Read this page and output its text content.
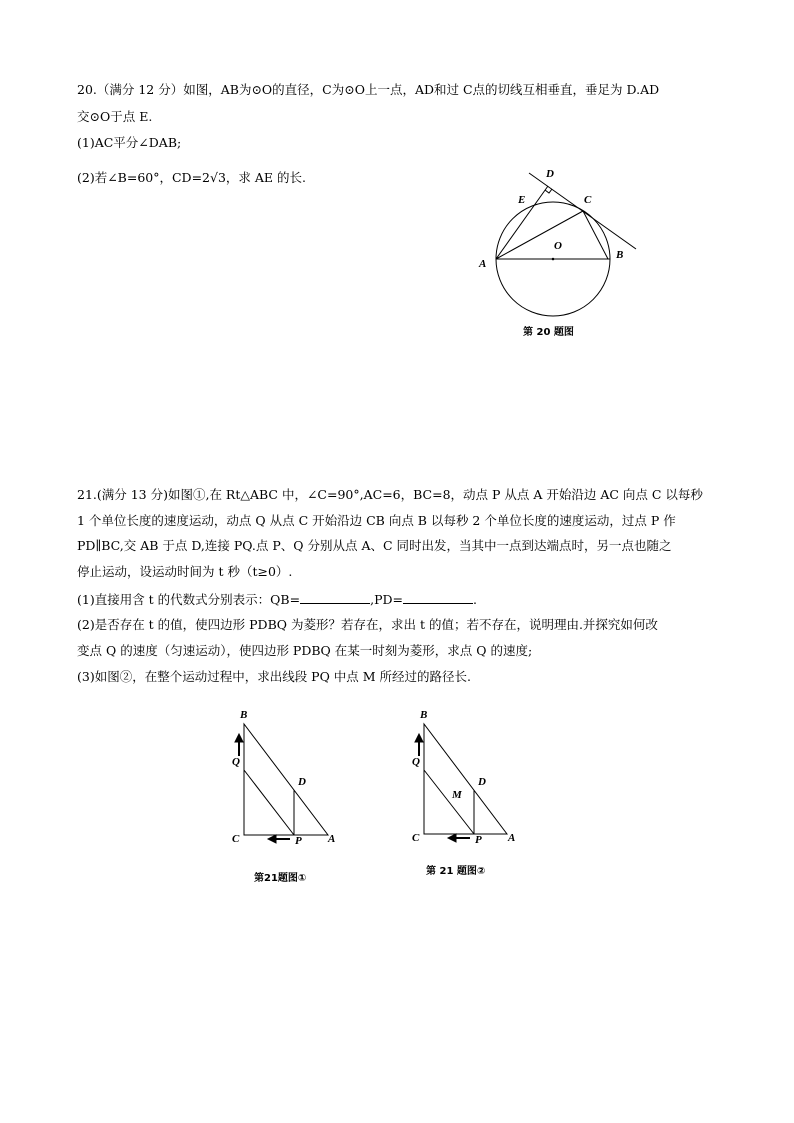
20.（满分 12 分）如图，AB为⊙O的直径，C为⊙O上一点，AD和过 C点的切线互相垂直，垂足为 D.AD
交⊙O于点 E.
(1)AC平分∠DAB;
(2)若∠B=60°，CD=2√3，求 AE 的长.	D
E	C
O
A
B
第 20 题图
21.(满分 13 分)如图①,在 Rt△ABC 中，∠C=90°,AC=6，BC=8，动点 P 从点 A 开始沿边 AC 向点 C 以每秒
1 个单位长度的速度运动，动点 Q 从点 C 开始沿边 CB 向点 B 以每秒 2 个单位长度的速度运动，过点 P 作
PD∥BC,交 AB 于点 D,连接 PQ.点 P、Q 分别从点 A、C 同时出发，当其中一点到达端点时，另一点也随之
停止运动，设运动时间为 t 秒（t≥0）.
(1)直接用含 t 的代数式分别表示：QB=	,PD=	.
(2)是否存在 t 的值，使四边形 PDBQ 为菱形？若存在，求出 t 的值；若不存在，说明理由.并探究如何改
变点 Q 的速度（匀速运动），使四边形 PDBQ 在某一时刻为菱形，求点 Q 的速度;
(3)如图②，在整个运动过程中，求出线段 PQ 中点 M 所经过的路径长.
B
Q
D
C	P A
第21题图①
B
Q
D
M
C	P A
第 21 题图②
